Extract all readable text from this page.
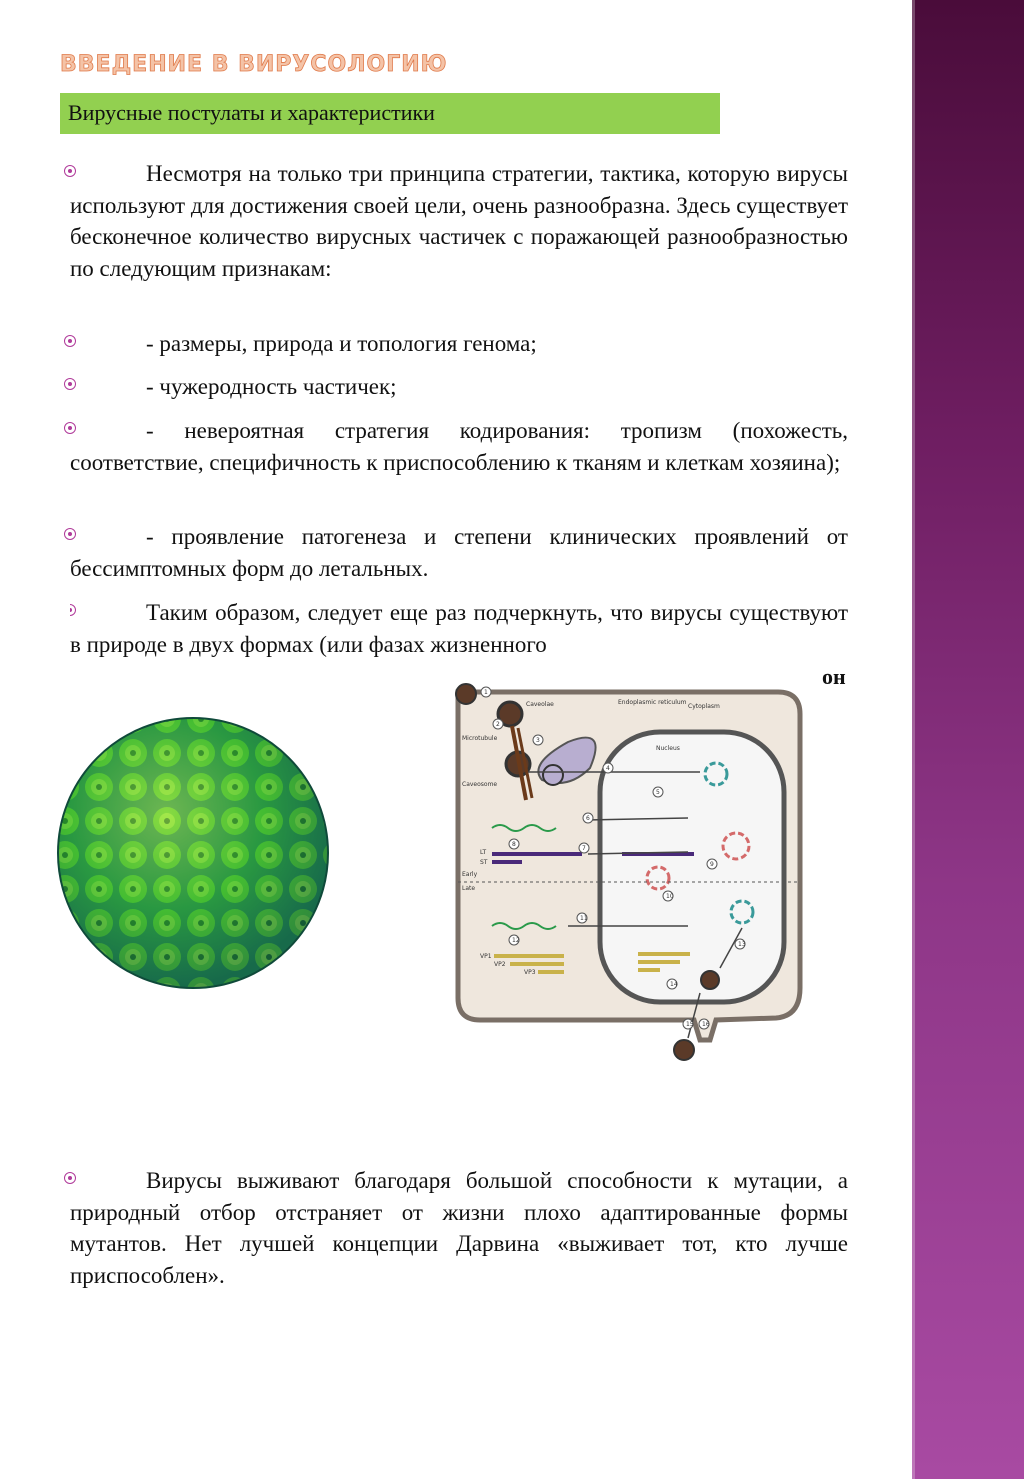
ВВЕДЕНИЕ В ВИРУСОЛОГИЮ
Вирусные постулаты и характеристики
Несмотря на только три принципа стратегии, тактика, которую вирусы используют для достижения своей цели, очень разнообразна. Здесь существует бесконечное количество вирусных частичек с поражающей разнообразностью по следующим признакам:
- размеры, природа и топология генома;
- чужеродность частичек;
- невероятная стратегия кодирования: тропизм (похожесть, соответствие, специфичность к приспособлению к тканям и клеткам хозяина);
- проявление патогенеза и степени клинических проявлений от бессимптомных форм до летальных.
Таким образом, следует еще раз подчеркнуть, что вирусы существуют в природе в двух формах (или фазах жизненного
Caveolae
Microtubule
Caveosome
Endoplasmic reticulum
Cytoplasm
Nucleus
Early
Late
LT
ST
VP1
VP2
VP3
1
2
3
4
5
6
7
8
9
10
11
12
13
14
15 16
он
Вирусы выживают благодаря большой способности к мутации, а природный отбор отстраняет от жизни плохо адаптированные формы мутантов. Нет лучшей концепции Дарвина «выживает тот, кто лучше приспособлен».
